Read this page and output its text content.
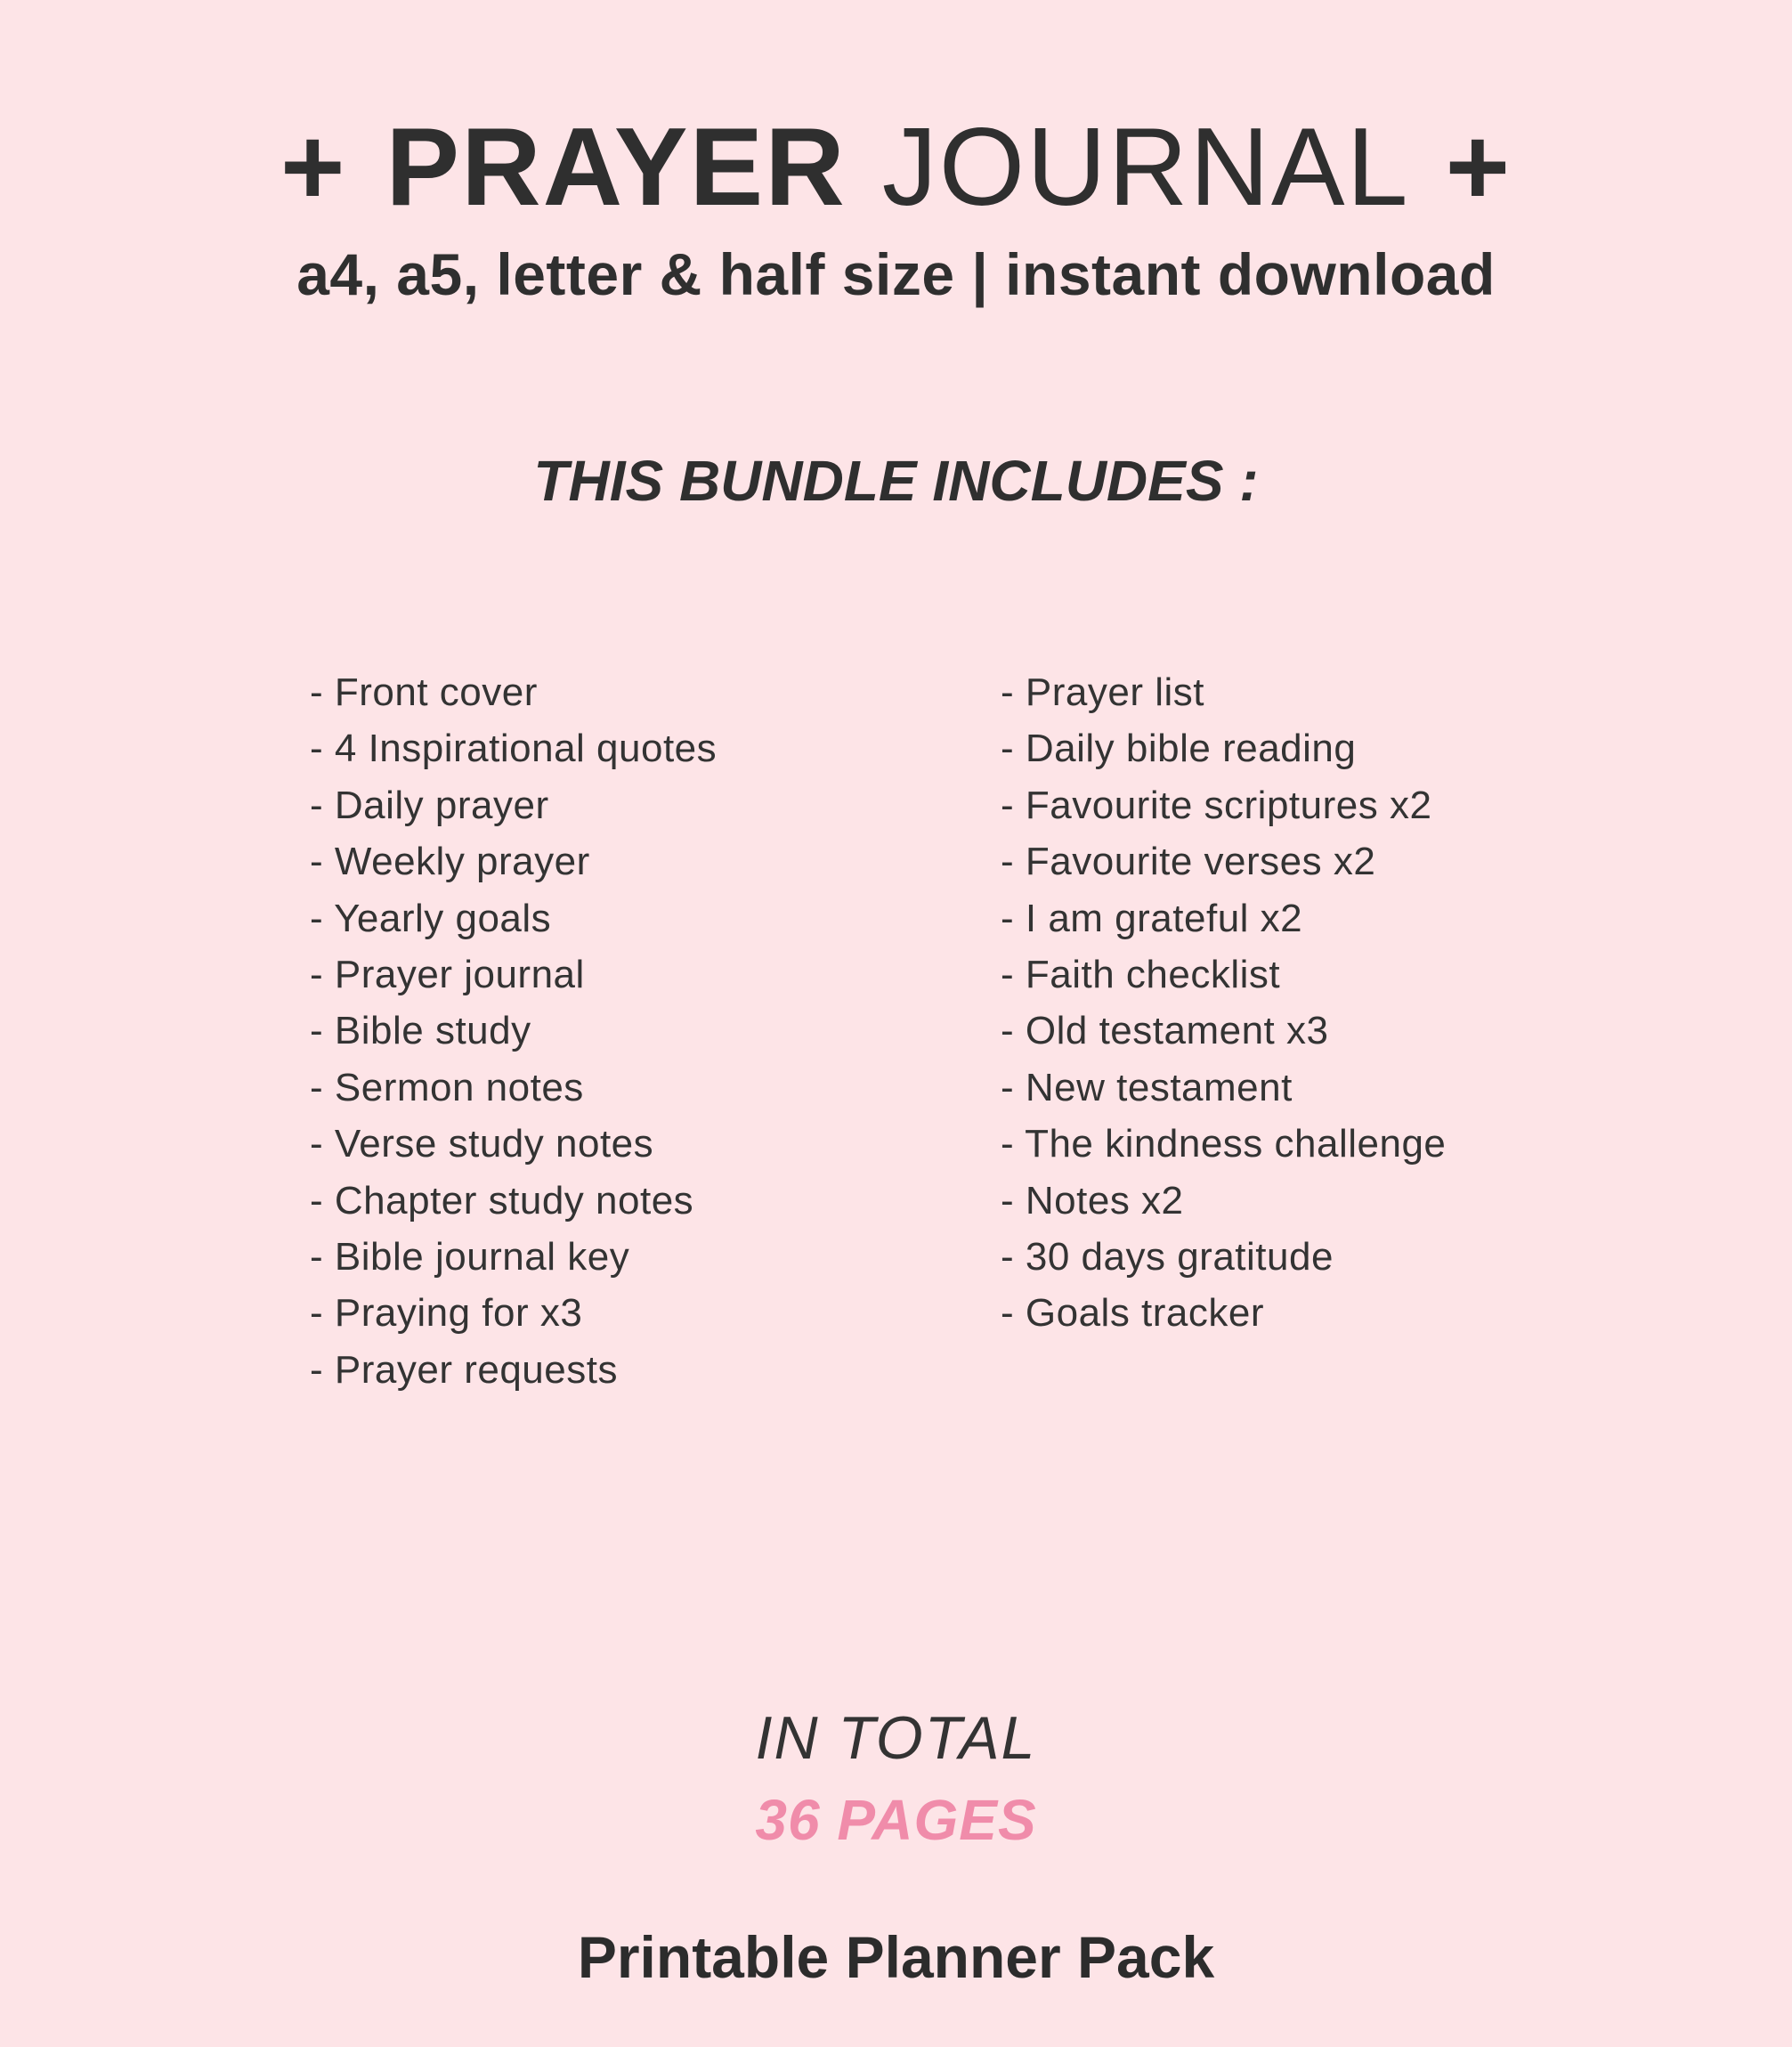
+ PRAYER JOURNAL +
a4, a5, letter & half size | instant download
THIS BUNDLE INCLUDES :
- Front cover
- 4 Inspirational quotes
- Daily prayer
- Weekly prayer
- Yearly goals
- Prayer journal
- Bible study
- Sermon notes
- Verse study notes
- Chapter study notes
- Bible journal key
- Praying for x3
- Prayer requests
- Prayer list
- Daily bible reading
- Favourite scriptures x2
- Favourite verses x2
- I am grateful x2
- Faith checklist
- Old testament x3
- New testament
- The kindness challenge
- Notes x2
- 30 days gratitude
- Goals tracker
IN TOTAL
36 PAGES
Printable Planner Pack
